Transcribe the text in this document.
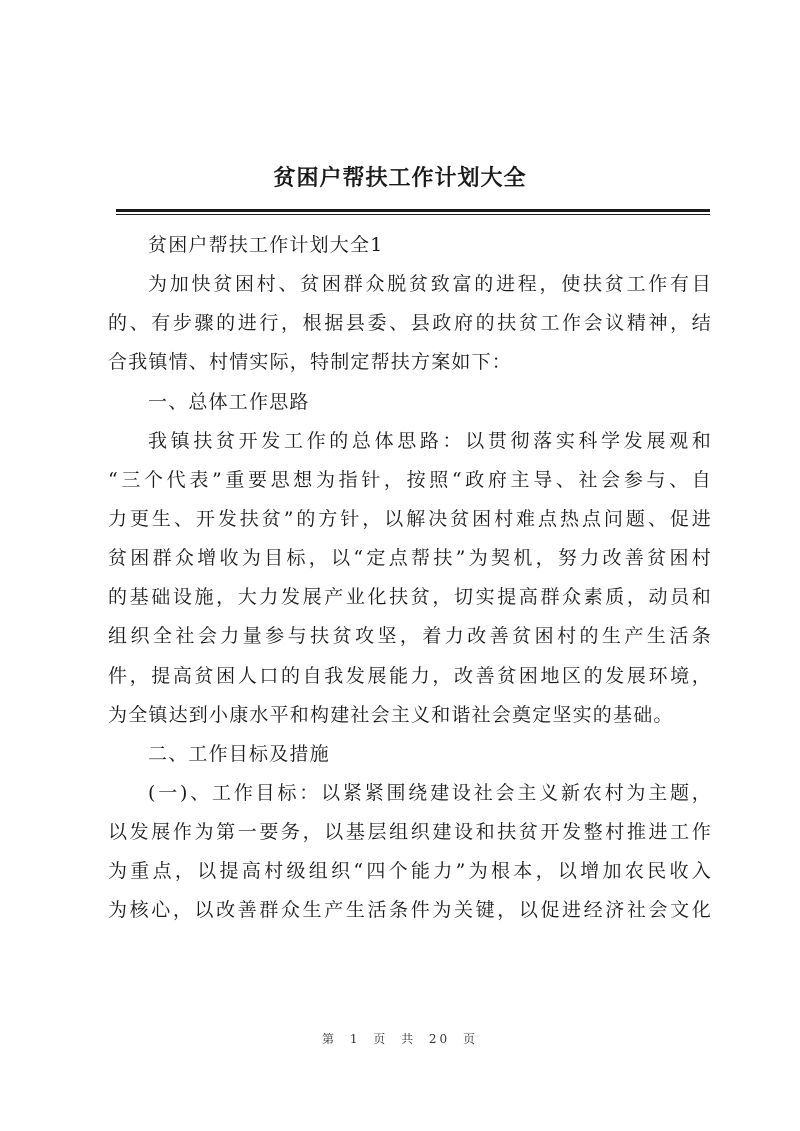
贫困户帮扶工作计划大全
贫困户帮扶工作计划大全1
为加快贫困村、贫困群众脱贫致富的进程，使扶贫工作有目
的、有步骤的进行，根据县委、县政府的扶贫工作会议精神，结
合我镇情、村情实际，特制定帮扶方案如下：
一、总体工作思路
我镇扶贫开发工作的总体思路：以贯彻落实科学发展观和
“三个代表”重要思想为指针，按照“政府主导、社会参与、自
力更生、开发扶贫”的方针，以解决贫困村难点热点问题、促进
贫困群众增收为目标，以“定点帮扶”为契机，努力改善贫困村
的基础设施，大力发展产业化扶贫，切实提高群众素质，动员和
组织全社会力量参与扶贫攻坚，着力改善贫困村的生产生活条
件，提高贫困人口的自我发展能力，改善贫困地区的发展环境，
为全镇达到小康水平和构建社会主义和谐社会奠定坚实的基础。
二、工作目标及措施
(一)、工作目标：以紧紧围绕建设社会主义新农村为主题，
以发展作为第一要务，以基层组织建设和扶贫开发整村推进工作
为重点，以提高村级组织“四个能力”为根本，以增加农民收入
为核心，以改善群众生产生活条件为关键，以促进经济社会文化
第 1 页 共 20 页
